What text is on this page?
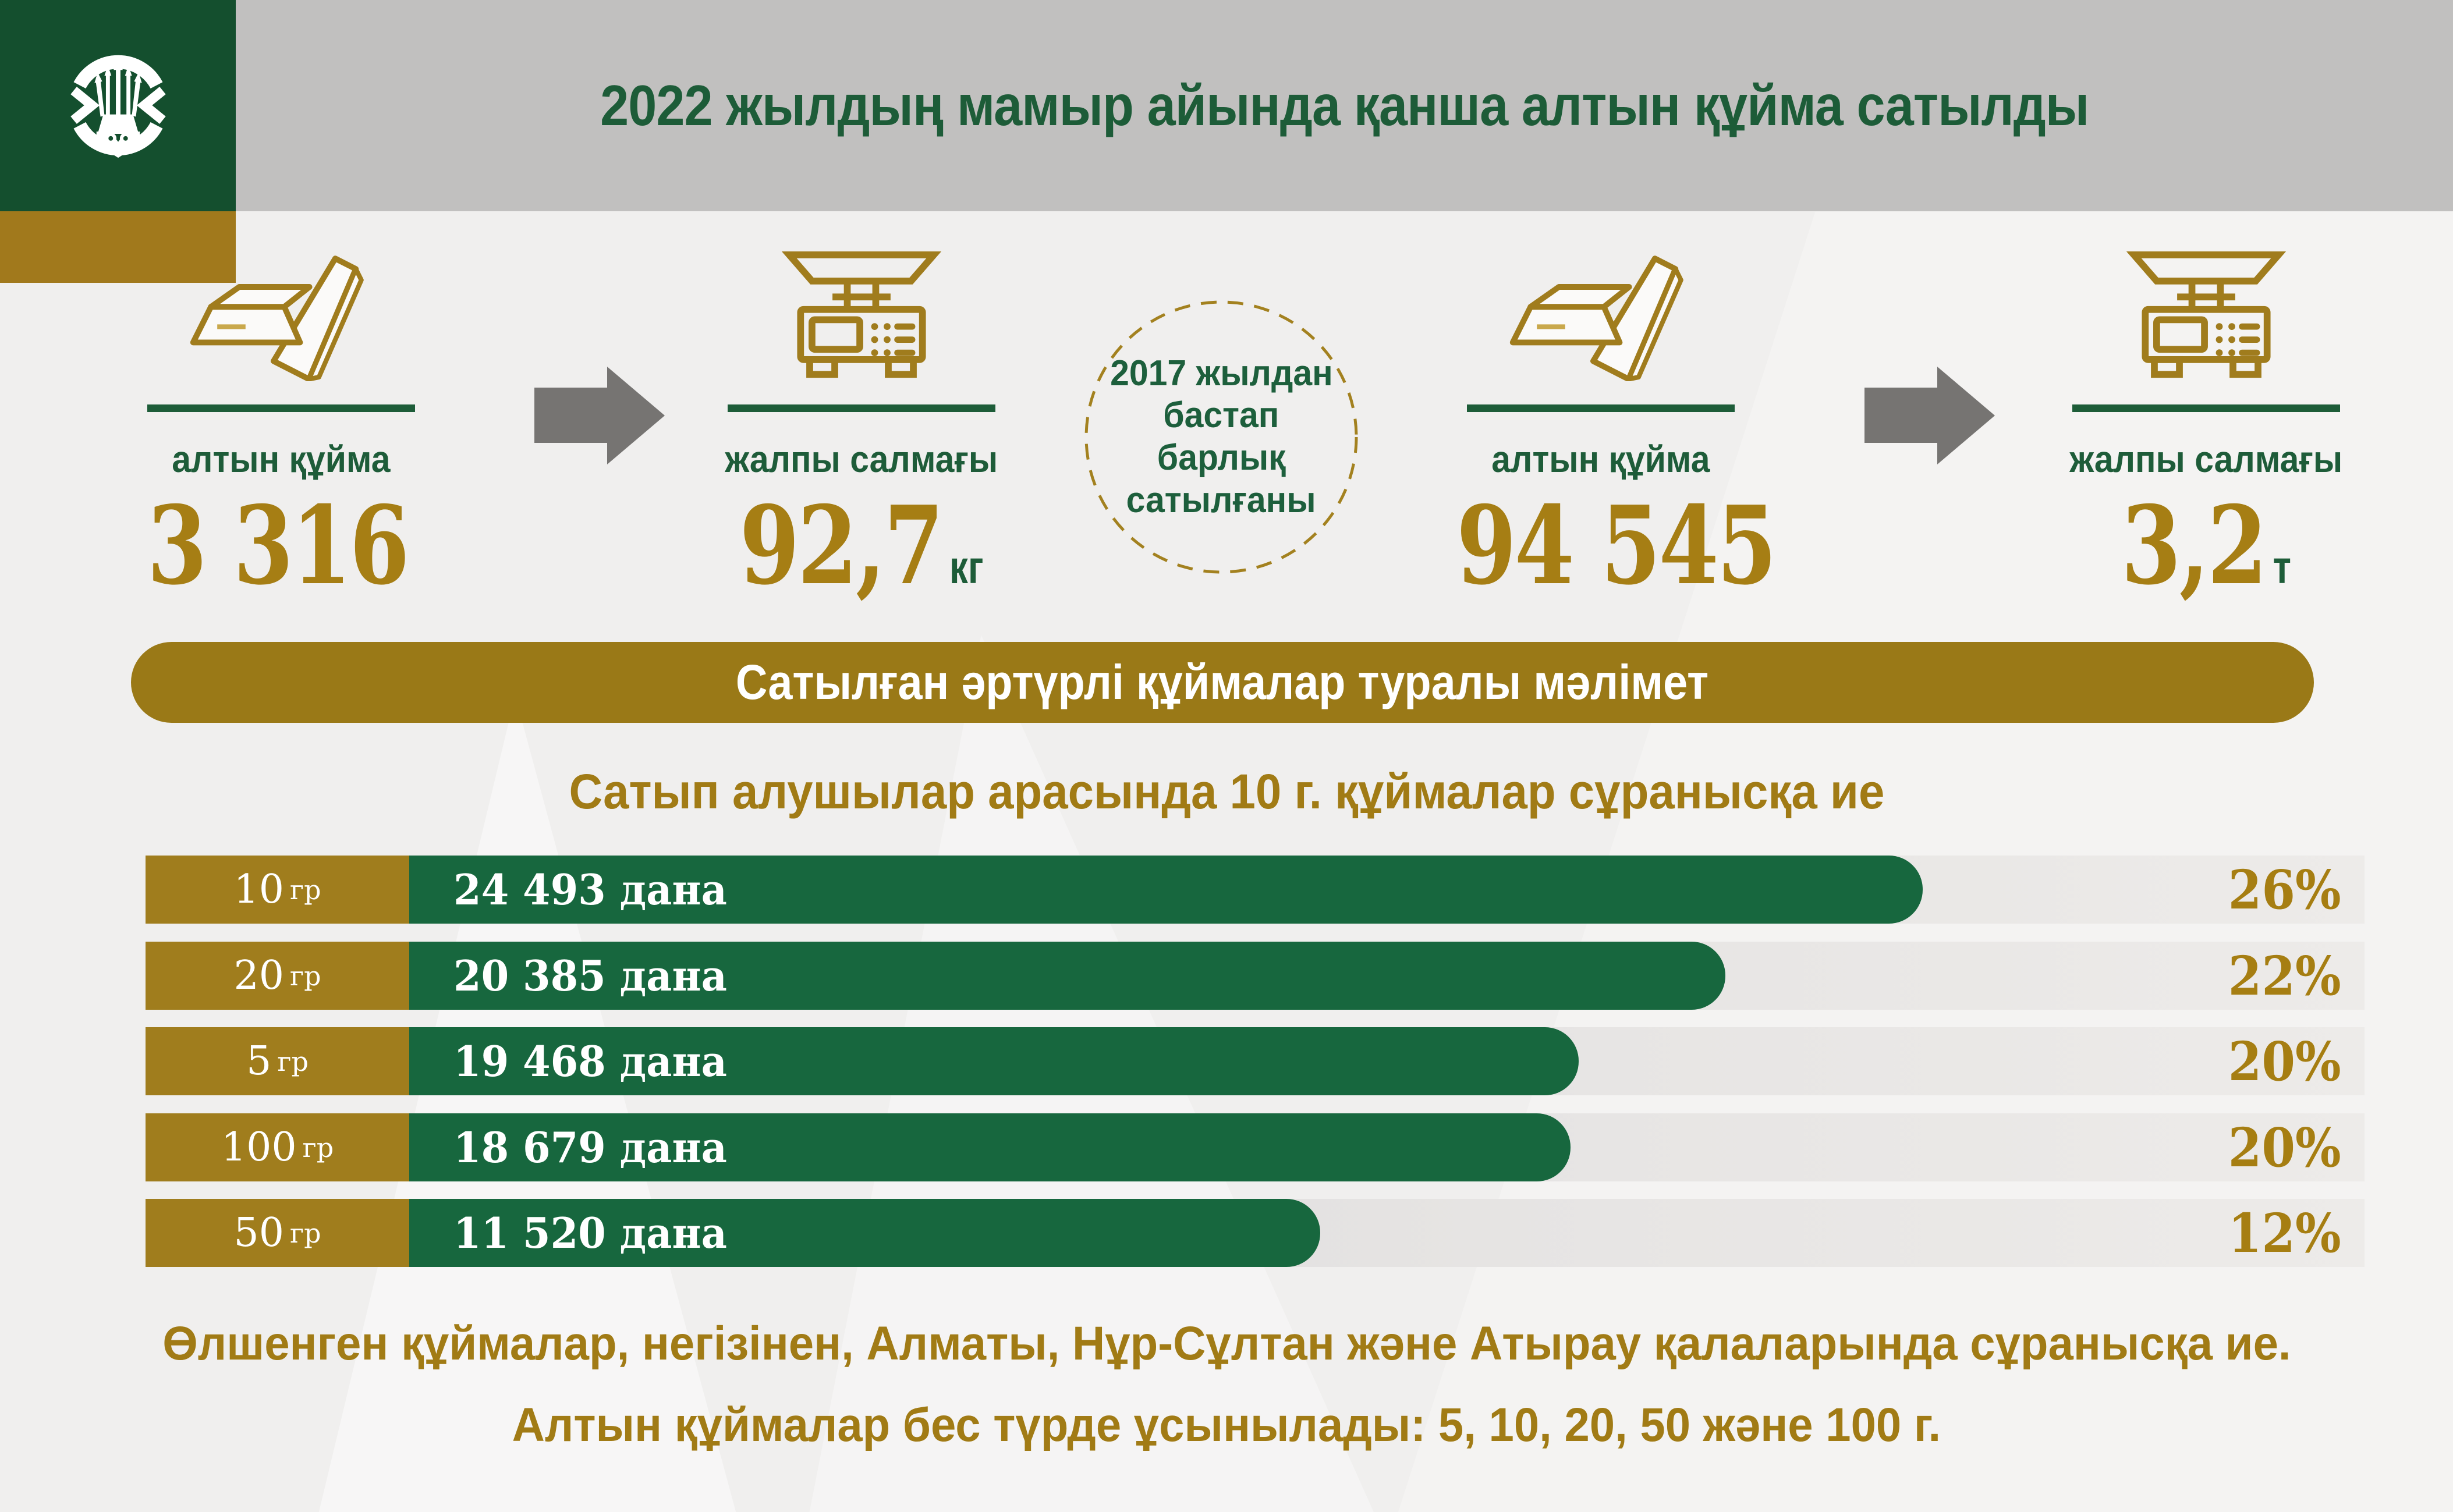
2022 жылдың мамыр айында қанша алтын құйма сатылды
алтын құйма
3 316
жалпы салмағы
92,7 кг
2017 жылдан
бастап
барлық
сатылғаны
алтын құйма
94 545
жалпы салмағы
3,2 т
Сатылған әртүрлі құймалар туралы мәлімет
Сатып алушылар арасында 10 г. құймалар сұранысқа ие
10 гр	24 493 дана	26%
20 гр	20 385 дана	22%
5 гр	19 468 дана	20%
100 гр	18 679 дана	20%
50 гр	11 520 дана	12%
Өлшенген құймалар, негізінен, Алматы, Нұр-Сұлтан және Атырау қалаларында сұранысқа ие.
Алтын құймалар бес түрде ұсынылады: 5, 10, 20, 50 және 100 г.
